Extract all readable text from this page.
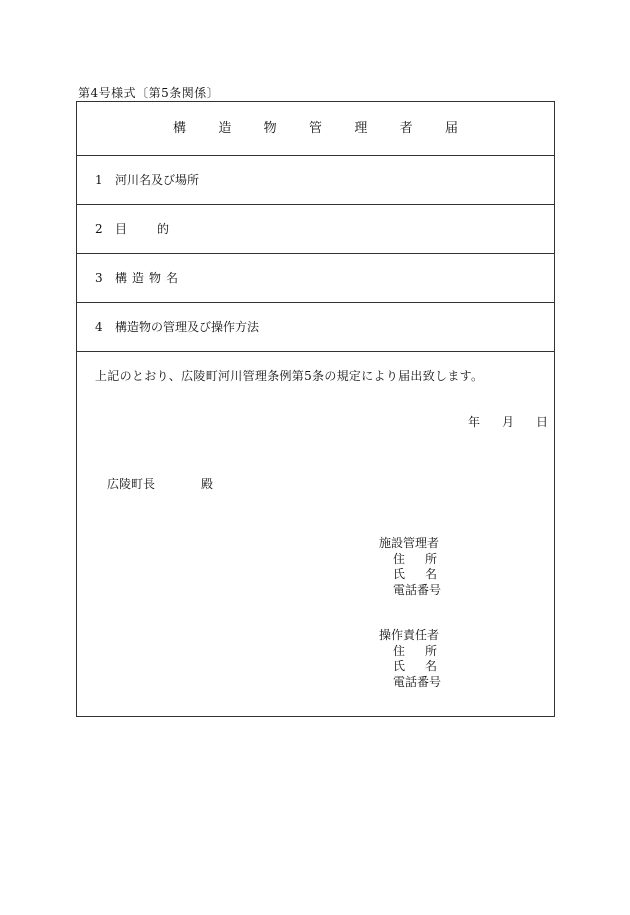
第4号様式〔第5条関係〕
構 造 物 管 理 者 届
1	河川名及び場所
2	目的
3	構造物名
4	構造物の管理及び操作方法
上記のとおり、広陵町河川管理条例第5条の規定により届出致します。
年	月	日
広陵町長	殿
施設管理者
住所
氏名
電話番号
操作責任者
住所
氏名
電話番号
